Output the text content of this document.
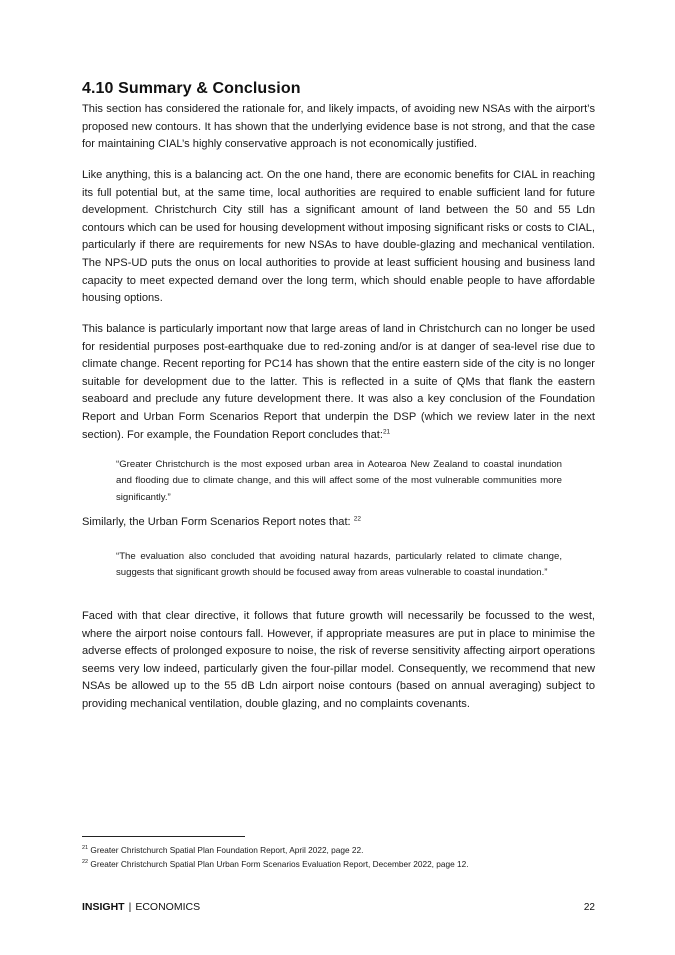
4.10 Summary & Conclusion

This section has considered the rationale for, and likely impacts, of avoiding new NSAs with the airport’s proposed new contours. It has shown that the underlying evidence base is not strong, and that the case for maintaining CIAL’s highly conservative approach is not economically justified.

Like anything, this is a balancing act. On the one hand, there are economic benefits for CIAL in reaching its full potential but, at the same time, local authorities are required to enable sufficient land for future development. Christchurch City still has a significant amount of land between the 50 and 55 Ldn contours which can be used for housing development without imposing significant risks or costs to CIAL, particularly if there are requirements for new NSAs to have double-glazing and mechanical ventilation. The NPS-UD puts the onus on local authorities to provide at least sufficient housing and business land capacity to meet expected demand over the long term, which should enable people to have affordable housing options.

This balance is particularly important now that large areas of land in Christchurch can no longer be used for residential purposes post-earthquake due to red-zoning and/or is at danger of sea-level rise due to climate change. Recent reporting for PC14 has shown that the entire eastern side of the city is no longer suitable for development due to the latter. This is reflected in a suite of QMs that flank the eastern seaboard and preclude any future development there. It was also a key conclusion of the Foundation Report and Urban Form Scenarios Report that underpin the DSP (which we review later in the next section). For example, the Foundation Report concludes that:$^{21}$

“Greater Christchurch is the most exposed urban area in Aotearoa New Zealand to coastal inundation and flooding due to climate change, and this will affect some of the most vulnerable communities more significantly.”

Similarly, the Urban Form Scenarios Report notes that: $^{22}$

“The evaluation also concluded that avoiding natural hazards, particularly related to climate change, suggests that significant growth should be focused away from areas vulnerable to coastal inundation.”

Faced with that clear directive, it follows that future growth will necessarily be focussed to the west, where the airport noise contours fall. However, if appropriate measures are put in place to minimise the adverse effects of prolonged exposure to noise, the risk of reverse sensitivity affecting airport operations seems very low indeed, particularly given the four-pillar model. Consequently, we recommend that new NSAs be allowed up to the 55 dB Ldn airport noise contours (based on annual averaging) subject to providing mechanical ventilation, double glazing, and no complaints covenants.

$^{21}$ Greater Christchurch Spatial Plan Foundation Report, April 2022, page 22.

$^{22}$ Greater Christchurch Spatial Plan Urban Form Scenarios Evaluation Report, December 2022, page 12.

INSIGHT | ECONOMICS	22
